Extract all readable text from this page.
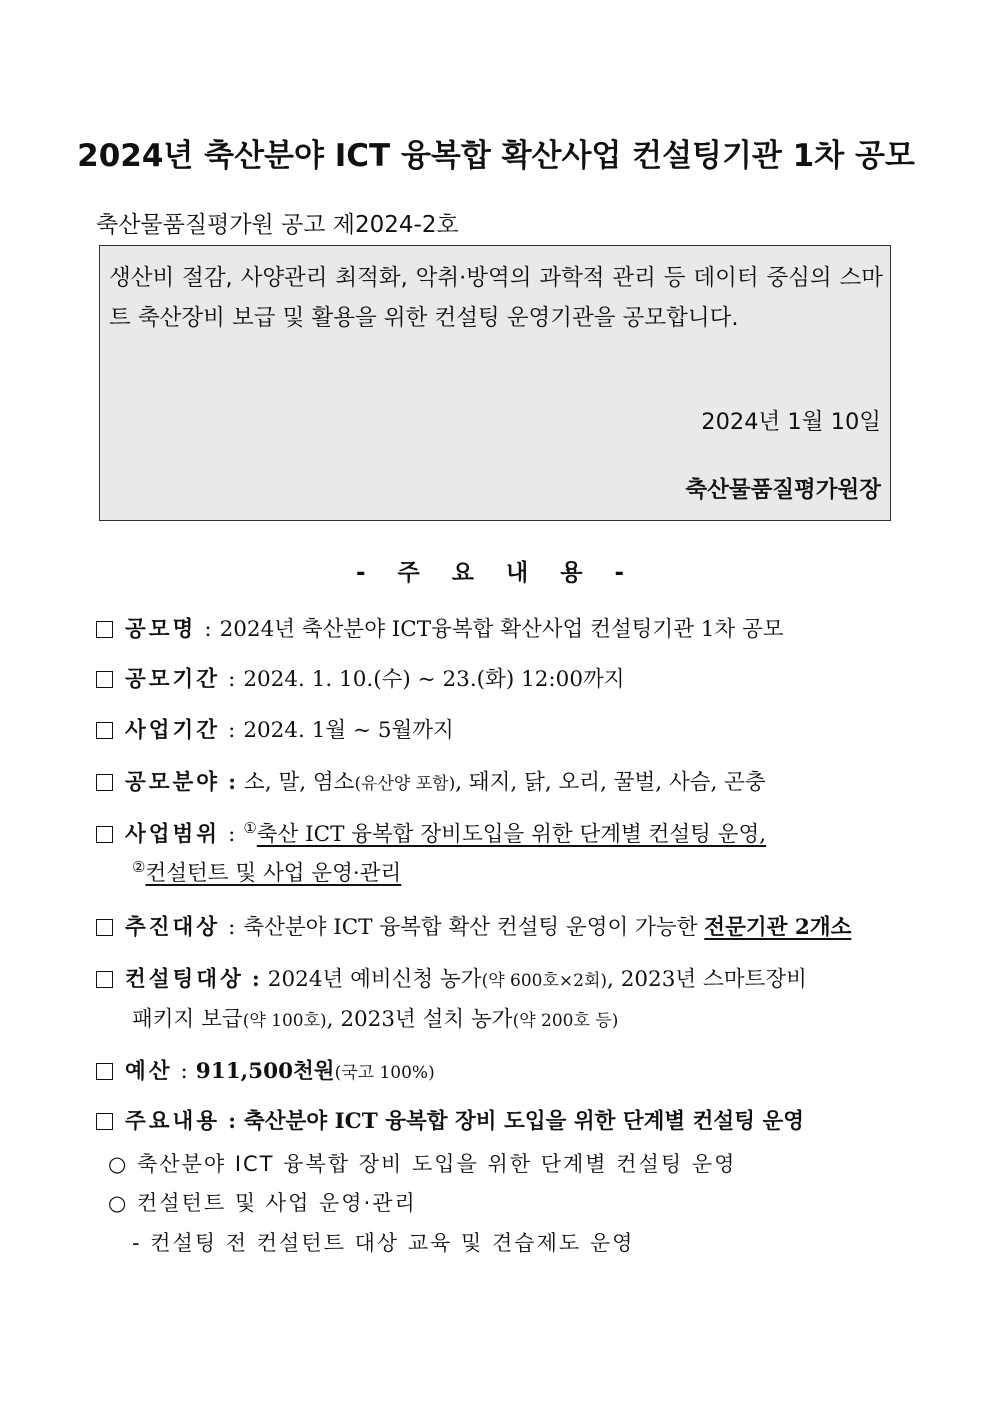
2024년 축산분야 ICT 융복합 확산사업 컨설팅기관 1차 공모
축산물품질평가원 공고 제2024-2호
생산비 절감, 사양관리 최적화, 악취·방역의 과학적 관리 등 데이터 중심의 스마트 축산장비 보급 및 활용을 위한 컨설팅 운영기관을 공모합니다.
2024년 1월 10일
축산물품질평가원장
- 주 요 내 용 -
공모명 : 2024년 축산분야 ICT융복합 확산사업 컨설팅기관 1차 공모
공모기간 : 2024. 1. 10.(수) ~ 23.(화) 12:00까지
사업기간 : 2024. 1월 ~ 5월까지
공모분야 : 소, 말, 염소(유산양 포함), 돼지, 닭, 오리, 꿀벌, 사슴, 곤충
사업범위 : ①축산 ICT 융복합 장비도입을 위한 단계별 컨설팅 운영,
②컨설턴트 및 사업 운영·관리
추진대상 : 축산분야 ICT 융복합 확산 컨설팅 운영이 가능한 전문기관 2개소
컨설팅대상 : 2024년 예비신청 농가(약 600호×2회), 2023년 스마트장비
패키지 보급(약 100호), 2023년 설치 농가(약 200호 등)
예산 : 911,500천원(국고 100%)
주요내용 : 축산분야 ICT 융복합 장비 도입을 위한 단계별 컨설팅 운영
○ 축산분야 ICT 융복합 장비 도입을 위한 단계별 컨설팅 운영
○ 컨설턴트 및 사업 운영·관리
- 컨설팅 전 컨설턴트 대상 교육 및 견습제도 운영
